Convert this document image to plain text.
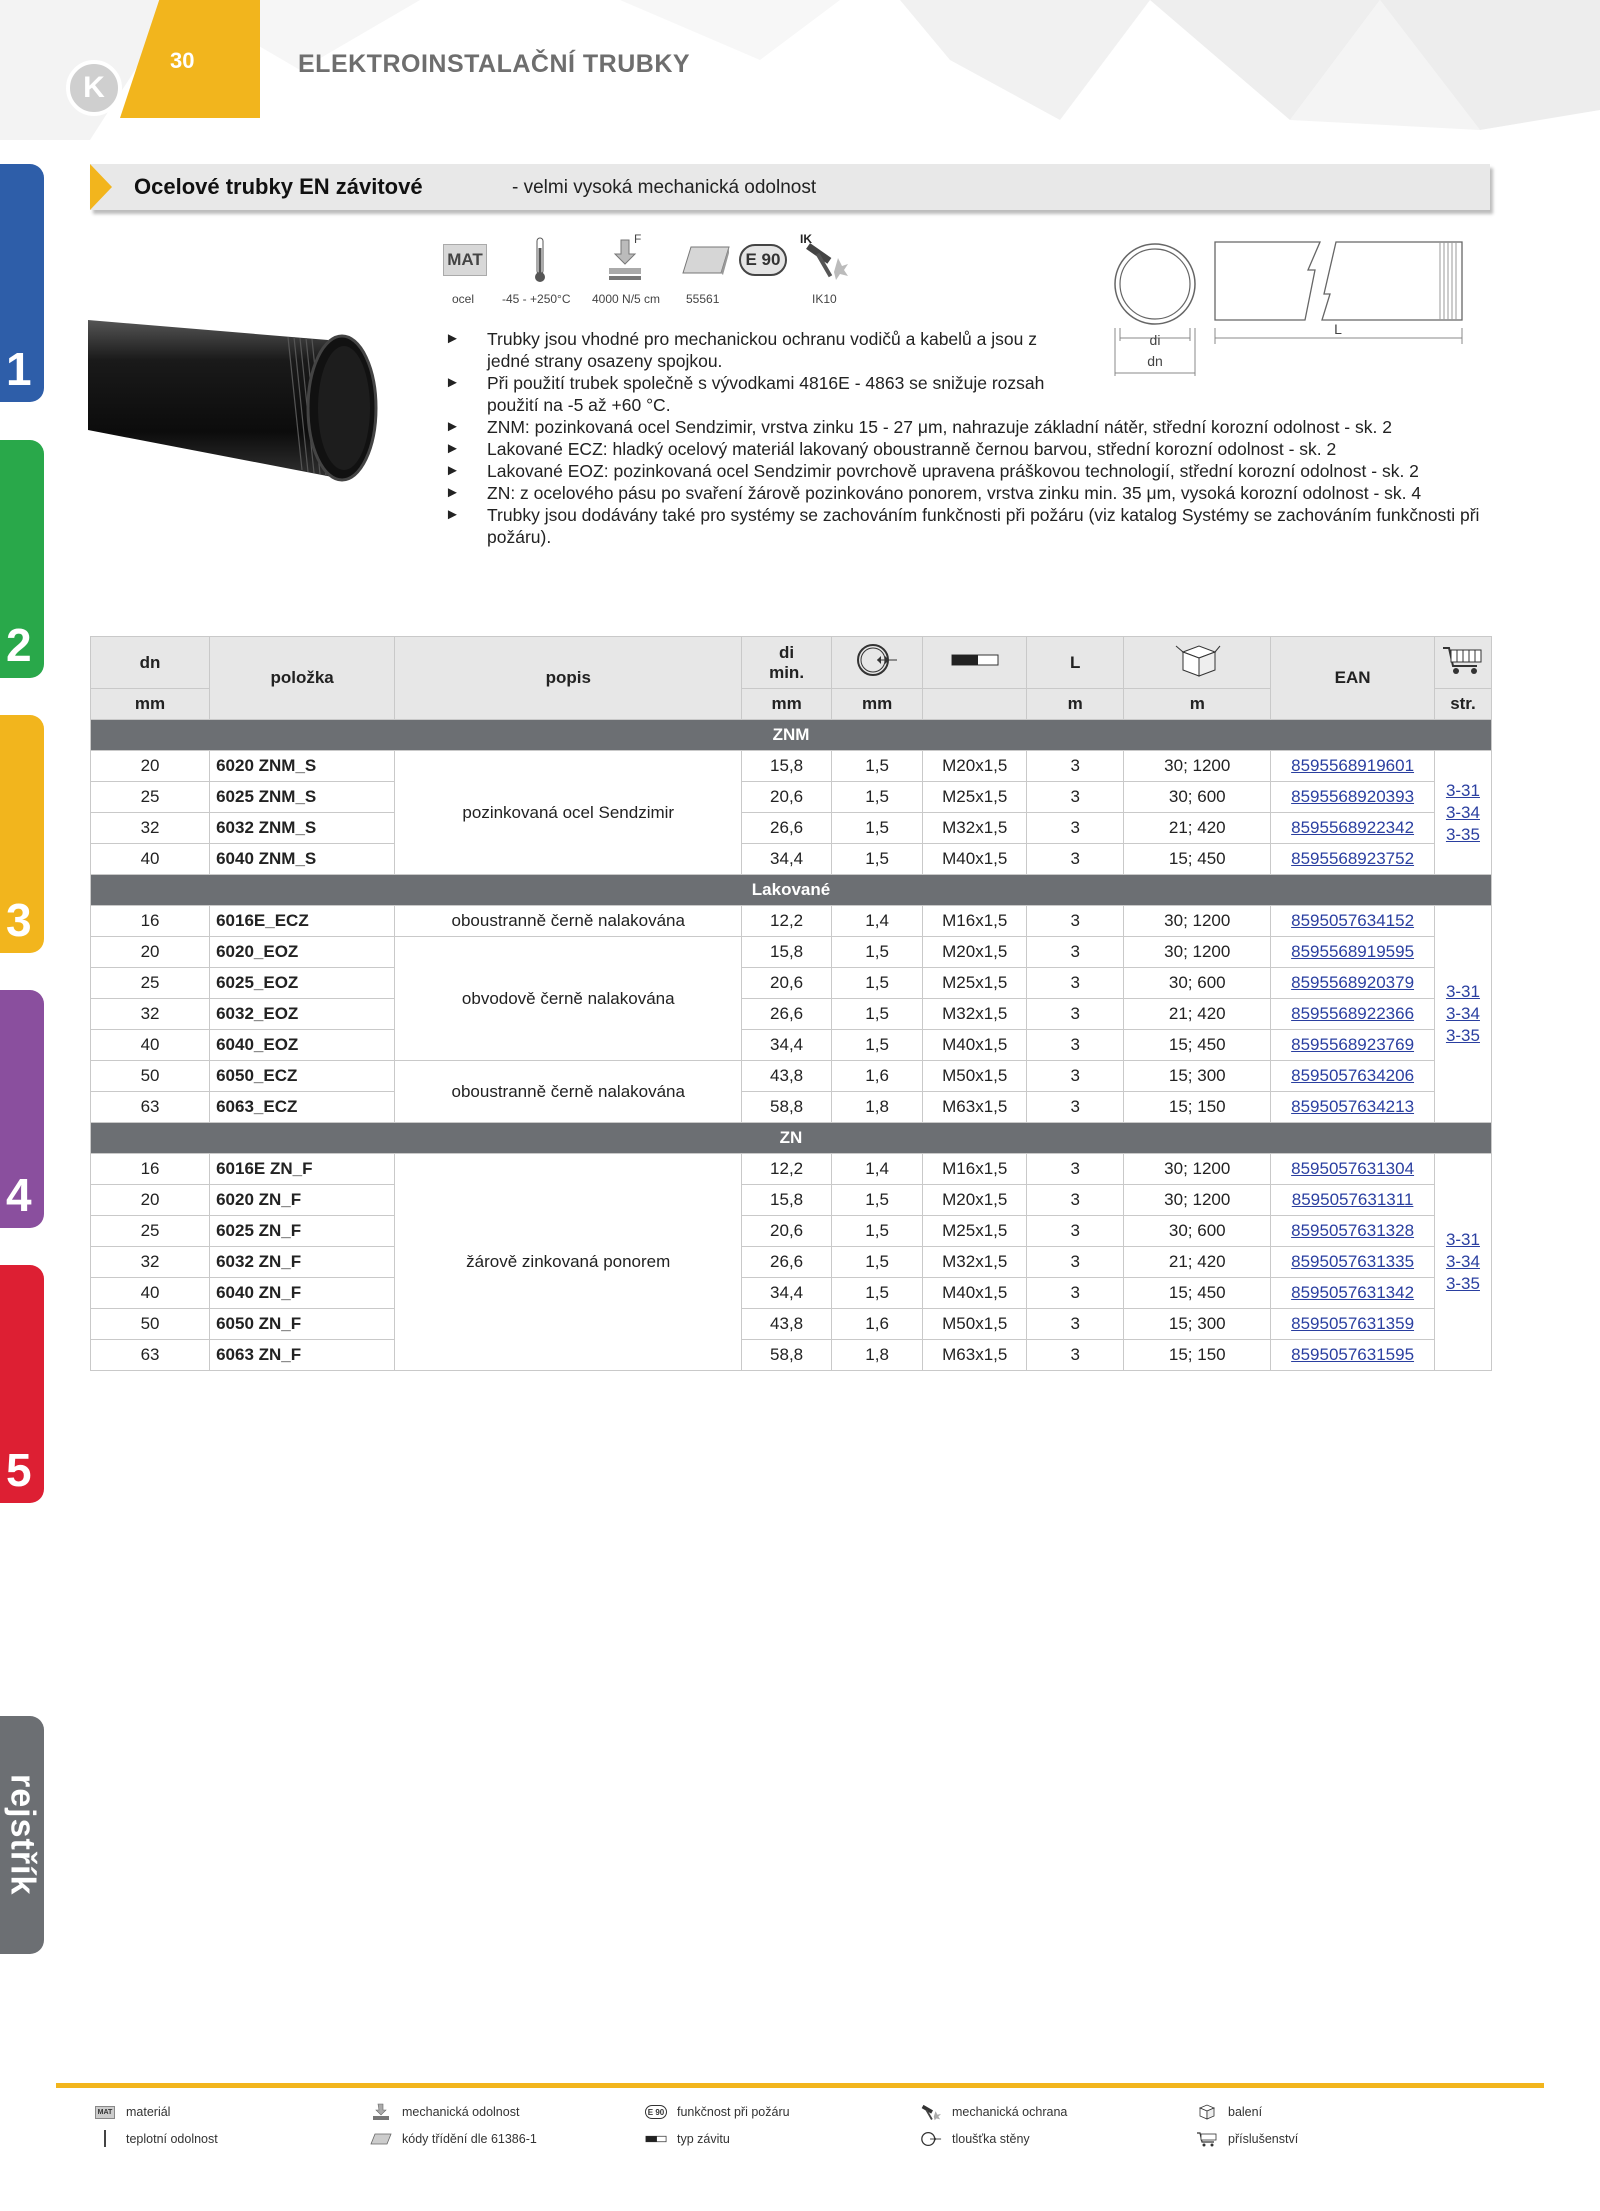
K
30	ELEKTROINSTALAČNÍ TRUBKY
1
2
3
4
5
rejstřík
Ocelové trubky EN závitové	- velmi vysoká mechanická odolnost
MAT
F
E 90
IK
ocel -45 - +250°C 4000 N/5 cm 55561	IK10
di
dn
L
► Trubky jsou vhodné pro mechanickou ochranu vodičů a kabelů a jsou z jedné strany osazeny spojkou.
► Při použití trubek společně s vývodkami 4816E - 4863 se snižuje rozsah použití na -5 až +60 °C.
► ZNM: pozinkovaná ocel Sendzimir, vrstva zinku 15 - 27 μm, nahrazuje základní nátěr, střední korozní odolnost - sk. 2
► Lakované ECZ: hladký ocelový materiál lakovaný oboustranně černou barvou, střední korozní odolnost - sk. 2
► Lakované EOZ: pozinkovaná ocel Sendzimir povrchově upravena práškovou technologií, střední korozní odolnost - sk. 2
► ZN: z ocelového pásu po svaření žárově pozinkováno ponorem, vrstva zinku min. 35 μm, vysoká korozní odolnost - sk. 4
► Trubky jsou dodávány také pro systémy se zachováním funkčnosti při požáru (viz katalog Systémy se zachováním funkčnosti při požáru).
dn	položka	popis	di
min.			L		EAN	
mm			mm	mm		m	m		str.
ZNM									
20	6020 ZNM_S	pozinkovaná ocel Sendzimir	15,8	1,5	M20x1,5	3	30; 1200	8595568919601	3-31
3-34
3-35

25	6025 ZNM_S		20,6	1,5	M25x1,5	3	30; 600	8595568920393	
32	6032 ZNM_S		26,6	1,5	M32x1,5	3	21; 420	8595568922342	
40	6040 ZNM_S		34,4	1,5	M40x1,5	3	15; 450	8595568923752	
Lakované									
16	6016E_ECZ	oboustranně černě nalakována	12,2	1,4	M16x1,5	3	30; 1200	8595057634152	3-31
3-34
3-35

20	6020_EOZ	obvodově černě nalakována	15,8	1,5	M20x1,5	3	30; 1200	8595568919595	
25	6025_EOZ		20,6	1,5	M25x1,5	3	30; 600	8595568920379	
32	6032_EOZ		26,6	1,5	M32x1,5	3	21; 420	8595568922366	
40	6040_EOZ		34,4	1,5	M40x1,5	3	15; 450	8595568923769	
50	6050_ECZ	oboustranně černě nalakována	43,8	1,6	M50x1,5	3	15; 300	8595057634206	
63	6063_ECZ		58,8	1,8	M63x1,5	3	15; 150	8595057634213	
ZN									
16	6016E ZN_F	žárově zinkovaná ponorem	12,2	1,4	M16x1,5	3	30; 1200	8595057631304	3-31
3-34
3-35

20	6020 ZN_F		15,8	1,5	M20x1,5	3	30; 1200	8595057631311	
25	6025 ZN_F		20,6	1,5	M25x1,5	3	30; 600	8595057631328	
32	6032 ZN_F		26,6	1,5	M32x1,5	3	21; 420	8595057631335	
40	6040 ZN_F		34,4	1,5	M40x1,5	3	15; 450	8595057631342	
50	6050 ZN_F		43,8	1,6	M50x1,5	3	15; 300	8595057631359	
63	6063 ZN_F		58,8	1,8	M63x1,5	3	15; 150	8595057631595	
MAT materiál	mechanická odolnost	E 90 funkčnost při požáru	mechanická ochrana	balení
teplotní odolnost	kódy třídění dle 61386-1	typ závitu	tloušťka stěny	příslušenství
